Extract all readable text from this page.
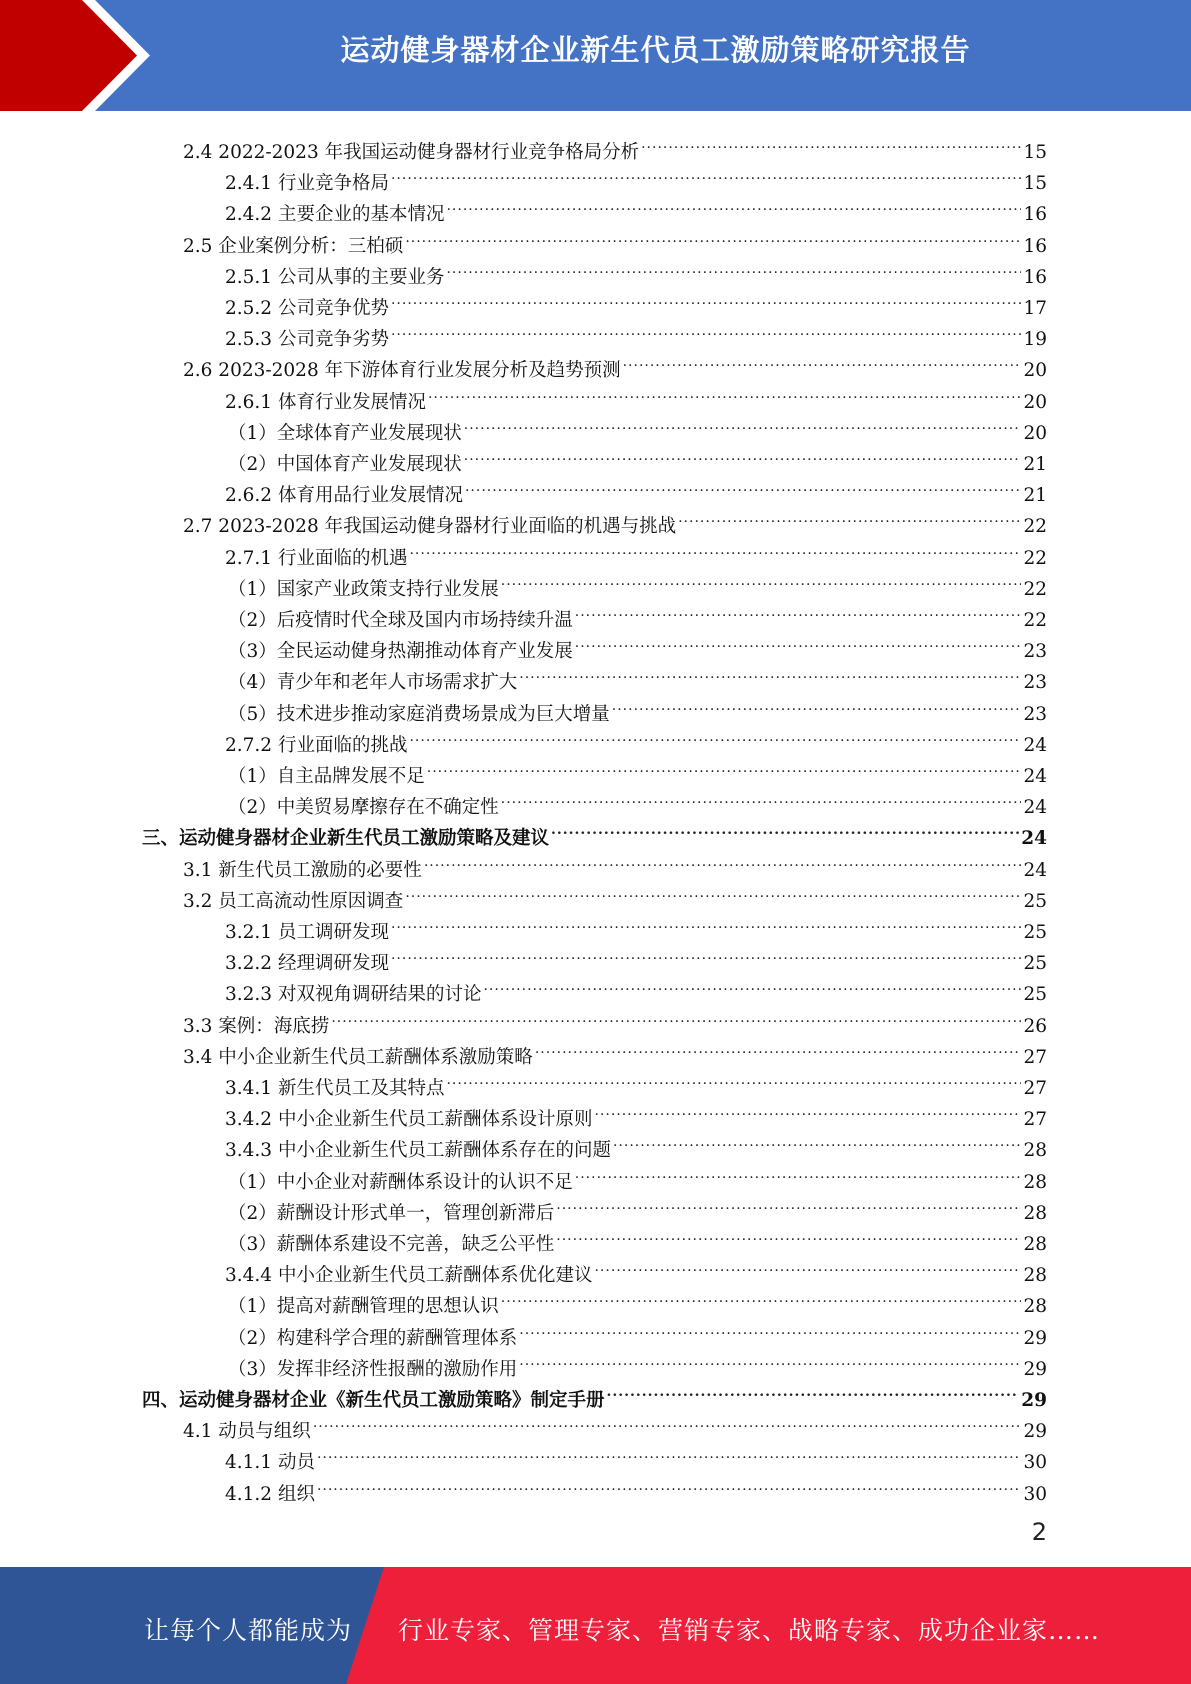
运动健身器材企业新生代员工激励策略研究报告
2.4 2022-2023 年我国运动健身器材行业竞争格局分析 .....	15
2.4.1 行业竞争格局 .....	15
2.4.2 主要企业的基本情况 .....	16
2.5 企业案例分析：三柏硕 .....	16
2.5.1 公司从事的主要业务 .....	16
2.5.2 公司竞争优势 .....	17
2.5.3 公司竞争劣势 .....	19
2.6 2023-2028 年下游体育行业发展分析及趋势预测 .....	20
2.6.1 体育行业发展情况 .....	20
（1）全球体育产业发展现状 .....	20
（2）中国体育产业发展现状 .....	21
2.6.2 体育用品行业发展情况 .....	21
2.7 2023-2028 年我国运动健身器材行业面临的机遇与挑战 .....	22
2.7.1 行业面临的机遇 .....	22
（1）国家产业政策支持行业发展 .....	22
（2）后疫情时代全球及国内市场持续升温 .....	22
（3）全民运动健身热潮推动体育产业发展 .....	23
（4）青少年和老年人市场需求扩大 .....	23
（5）技术进步推动家庭消费场景成为巨大增量 .....	23
2.7.2 行业面临的挑战 .....	24
（1）自主品牌发展不足 .....	24
（2）中美贸易摩擦存在不确定性 .....	24
三、运动健身器材企业新生代员工激励策略及建议 .....	24
3.1 新生代员工激励的必要性 .....	24
3.2 员工高流动性原因调查 .....	25
3.2.1 员工调研发现 .....	25
3.2.2 经理调研发现 .....	25
3.2.3 对双视角调研结果的讨论 .....	25
3.3 案例：海底捞 .....	26
3.4 中小企业新生代员工薪酬体系激励策略 .....	27
3.4.1 新生代员工及其特点 .....	27
3.4.2 中小企业新生代员工薪酬体系设计原则 .....	27
3.4.3 中小企业新生代员工薪酬体系存在的问题 .....	28
（1）中小企业对薪酬体系设计的认识不足 .....	28
（2）薪酬设计形式单一，管理创新滞后 .....	28
（3）薪酬体系建设不完善，缺乏公平性 .....	28
3.4.4 中小企业新生代员工薪酬体系优化建议 .....	28
（1）提高对薪酬管理的思想认识 .....	28
（2）构建科学合理的薪酬管理体系 .....	29
（3）发挥非经济性报酬的激励作用 .....	29
四、运动健身器材企业《新生代员工激励策略》制定手册 .....	29
4.1 动员与组织 .....	29
4.1.1 动员 .....	30
4.1.2 组织 .....	30
2
让每个人都能成为 行业专家、管理专家、营销专家、战略专家、成功企业家……
